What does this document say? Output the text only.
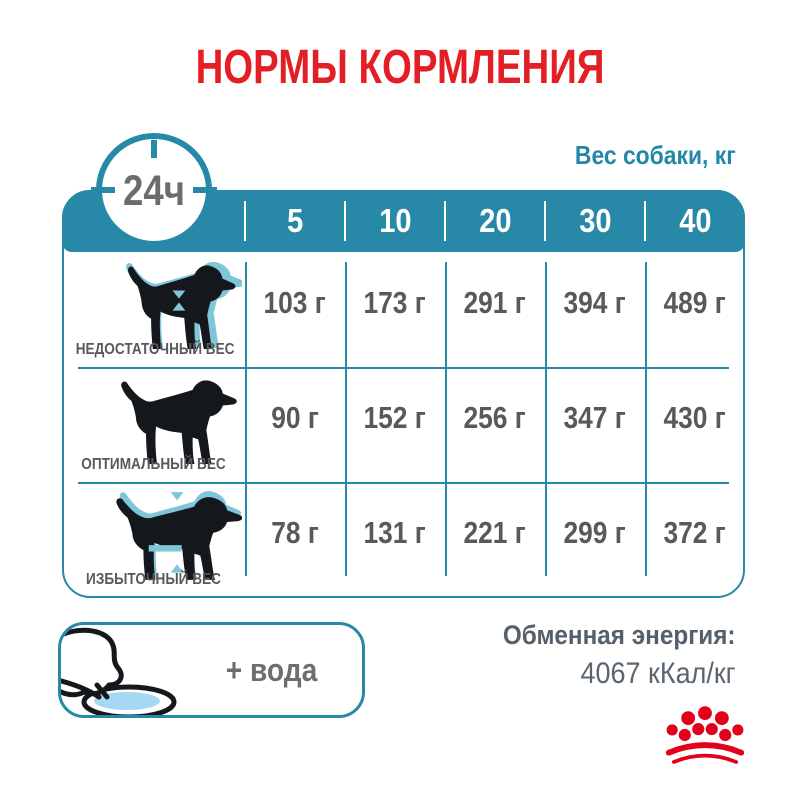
НОРМЫ КОРМЛЕНИЯ
Вес собаки, кг
5 10 20 30 40
24ч
НЕДОСТАТОЧНЫЙ ВЕС
103 г 173 г 291 г 394 г 489 г
ОПТИМАЛЬНЫЙ ВЕС
90 г 152 г 256 г 347 г 430 г
ИЗБЫТОЧНЫЙ ВЕС
78 г 131 г 221 г 299 г 372 г
+ вода
Обменная энергия:
4067 кКал/кг
